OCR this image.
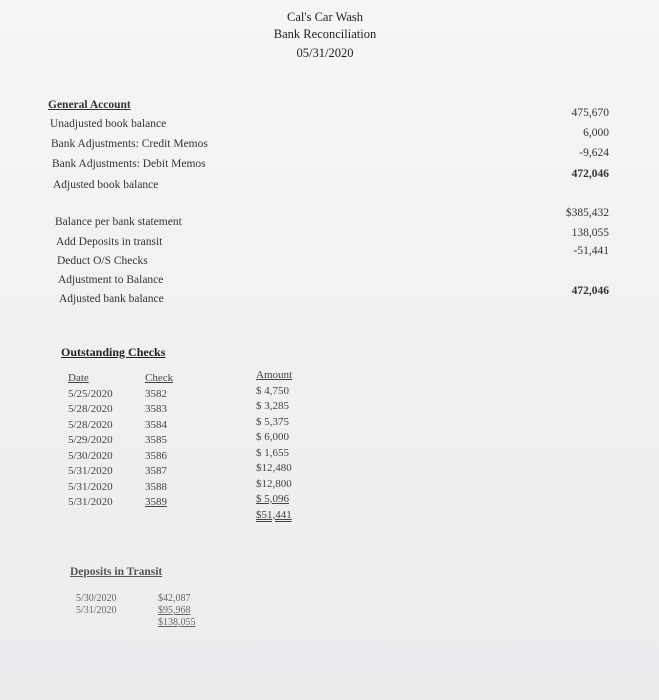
Cal's Car Wash
Bank Reconciliation
05/31/2020
General Account
Unadjusted book balance
Bank Adjustments: Credit Memos
Bank Adjustments: Debit Memos
Adjusted book balance
475,670
6,000
-9,624
472,046
Balance per bank statement
Add Deposits in transit
Deduct O/S Checks
Adjustment to Balance
Adjusted bank balance
$385,432
138,055
-51,441
472,046
Outstanding Checks
Date
5/25/2020
5/28/2020
5/28/2020
5/29/2020
5/30/2020
5/31/2020
5/31/2020
5/31/2020
Check
3582
3583
3584
3585
3586
3587
3588
3589
Amount
$ 4,750
$ 3,285
$ 5,375
$ 6,000
$ 1,655
$12,480
$12,800
$ 5,096
$51,441
Deposits in Transit
5/30/2020
5/31/2020
$42,087
$95,968
$138,055
